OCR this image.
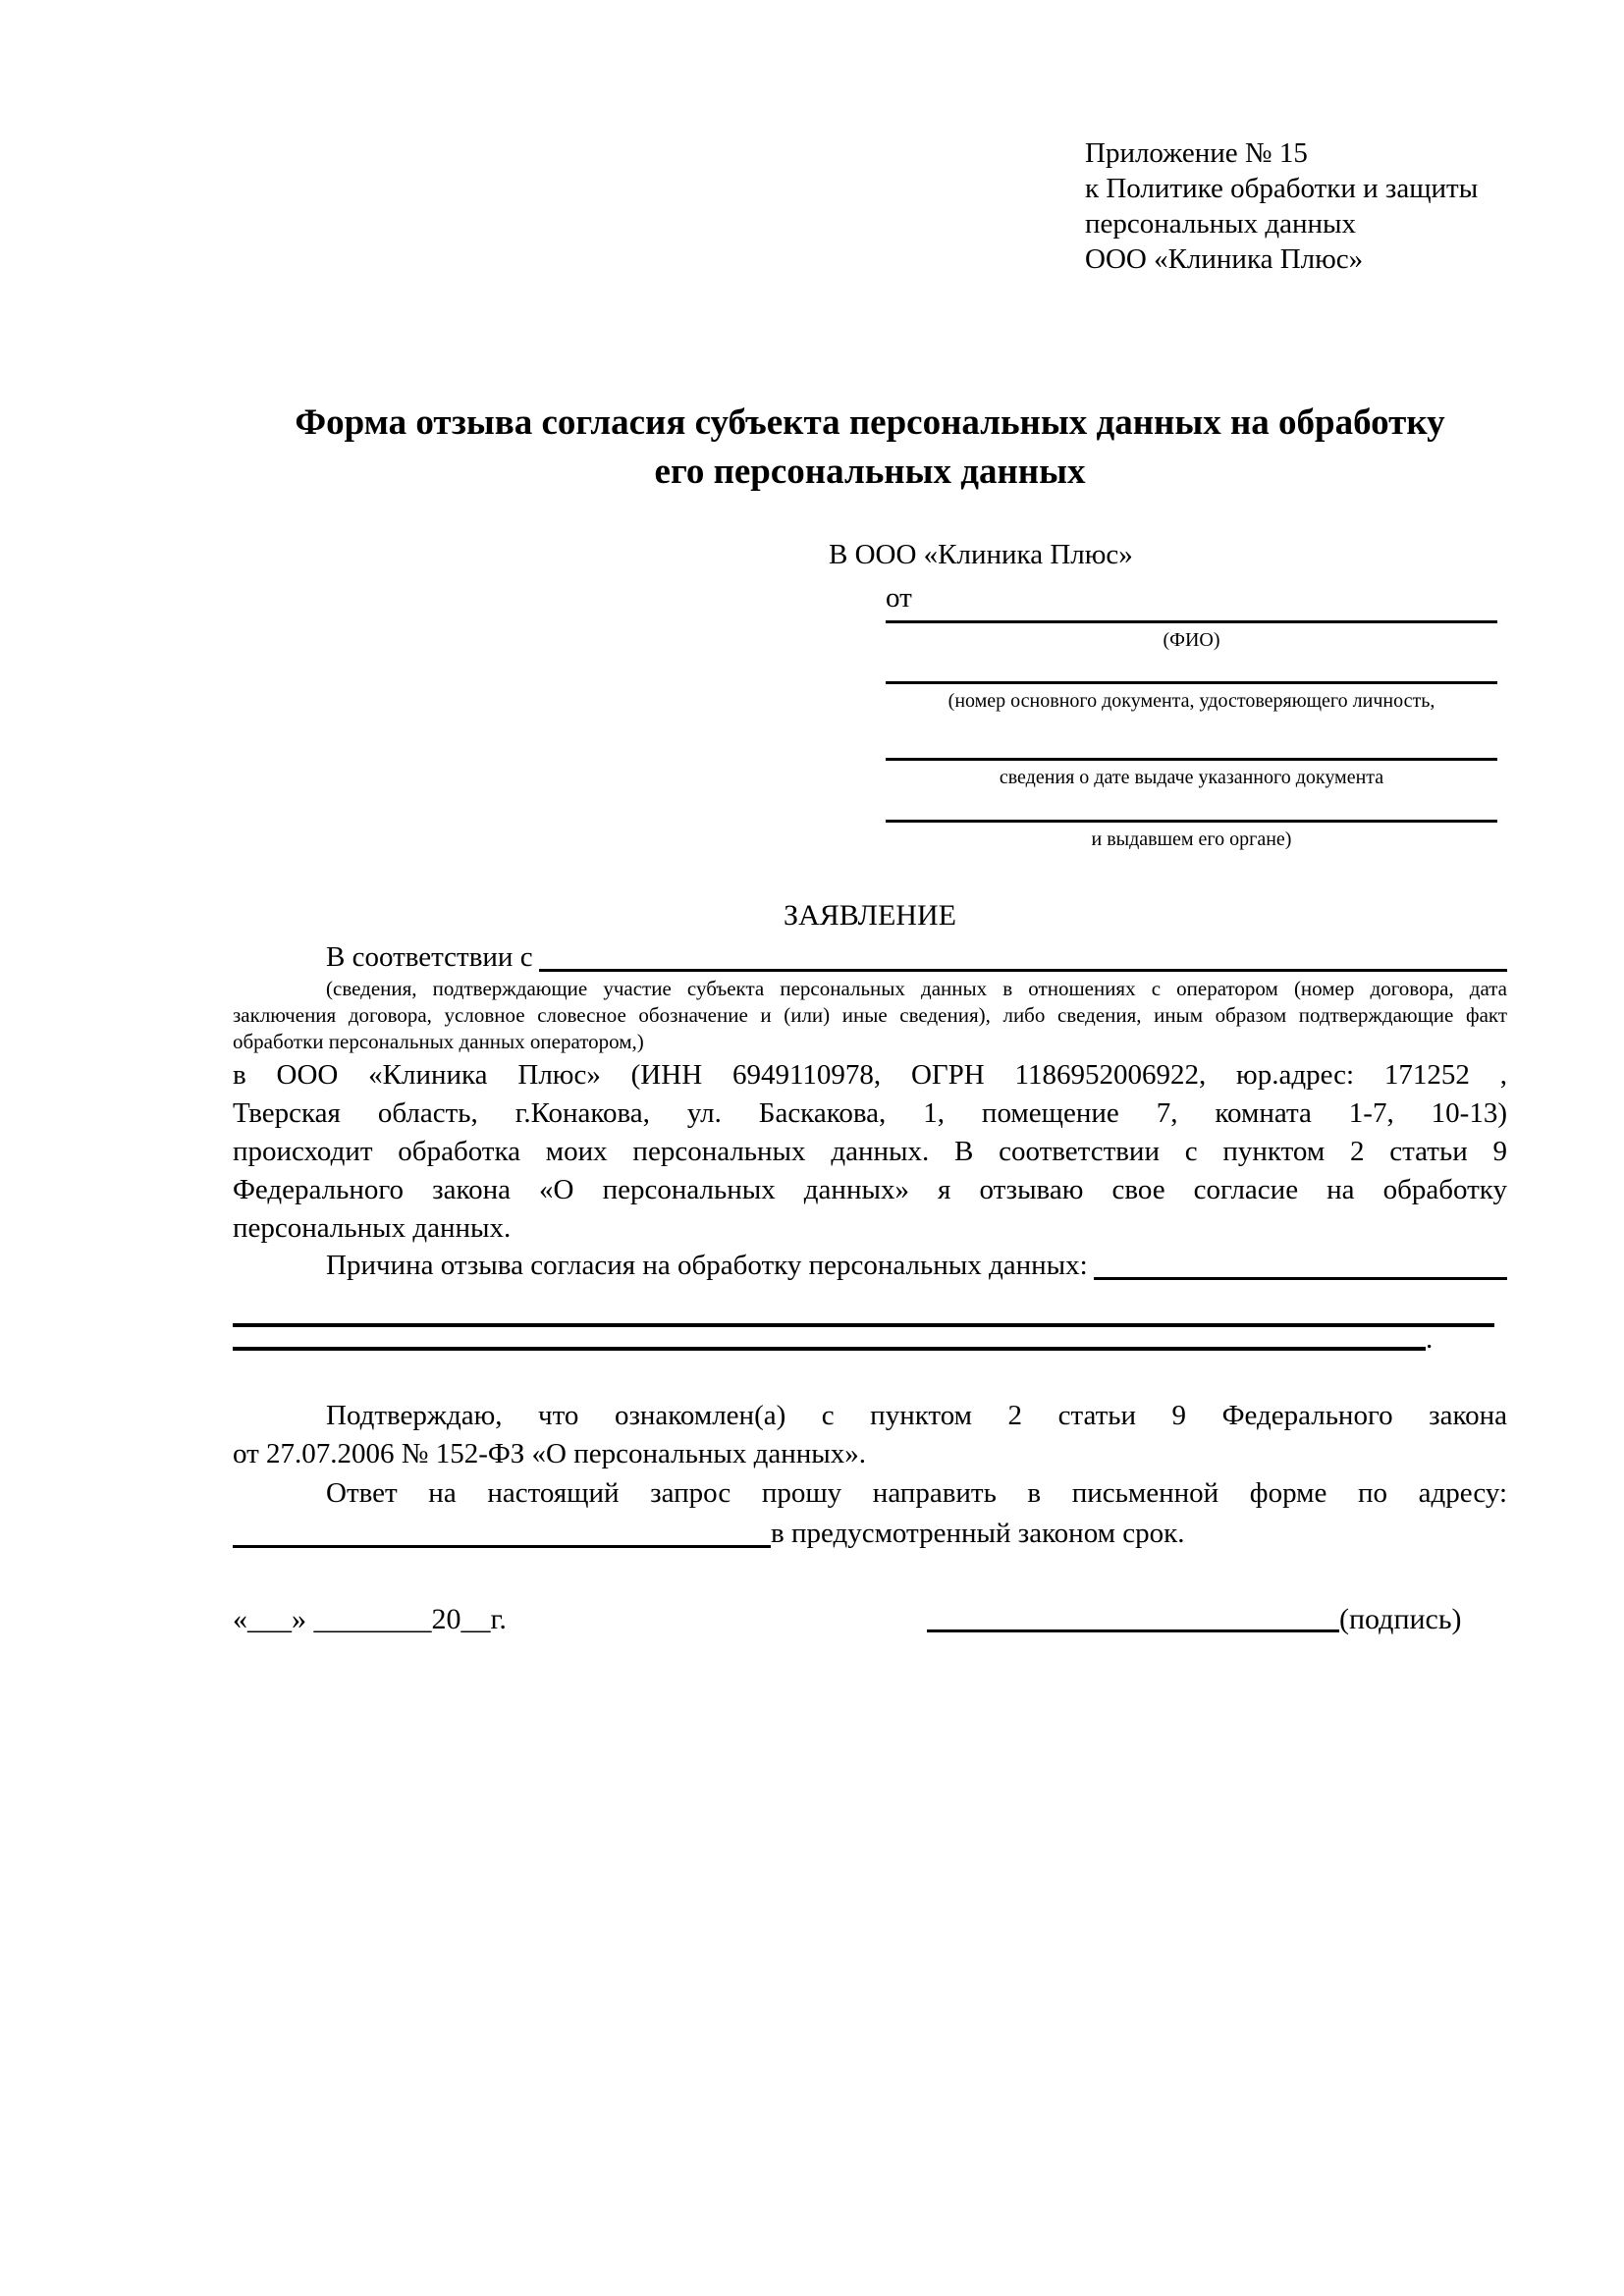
Приложение № 15
к Политике обработки и защиты
персональных данных
ООО «Клиника Плюс»
Форма отзыва согласия субъекта персональных данных на обработку
его персональных данных
В ООО «Клиника Плюс»
от
(ФИО)
(номер основного документа, удостоверяющего личность,
сведения о дате выдаче указанного документа
и выдавшем его органе)
ЗАЯВЛЕНИЕ
В соответствии с
(сведения, подтверждающие участие субъекта персональных данных в отношениях с оператором (номер договора, дата
заключения договора, условное словесное обозначение и (или) иные сведения), либо сведения, иным образом подтверждающие факт
обработки персональных данных оператором,)
в ООО «Клиника Плюс» (ИНН 6949110978, ОГРН 1186952006922, юр.адрес: 171252 ,
Тверская область, г.Конакова, ул. Баскакова, 1, помещение 7, комната 1-7, 10-13)
происходит обработка моих персональных данных. В соответствии с пунктом 2 статьи 9
Федерального закона «О персональных данных» я отзываю свое согласие на обработку
персональных данных.
Причина отзыва согласия на обработку персональных данных:
.
Подтверждаю, что ознакомлен(а) с пунктом 2 статьи 9 Федерального закона
от 27.07.2006 № 152-ФЗ «О персональных данных».
Ответ на настоящий запрос прошу направить в письменной форме по адресу:
в предусмотренный законом срок.
«___» ________20__г.	(подпись)
